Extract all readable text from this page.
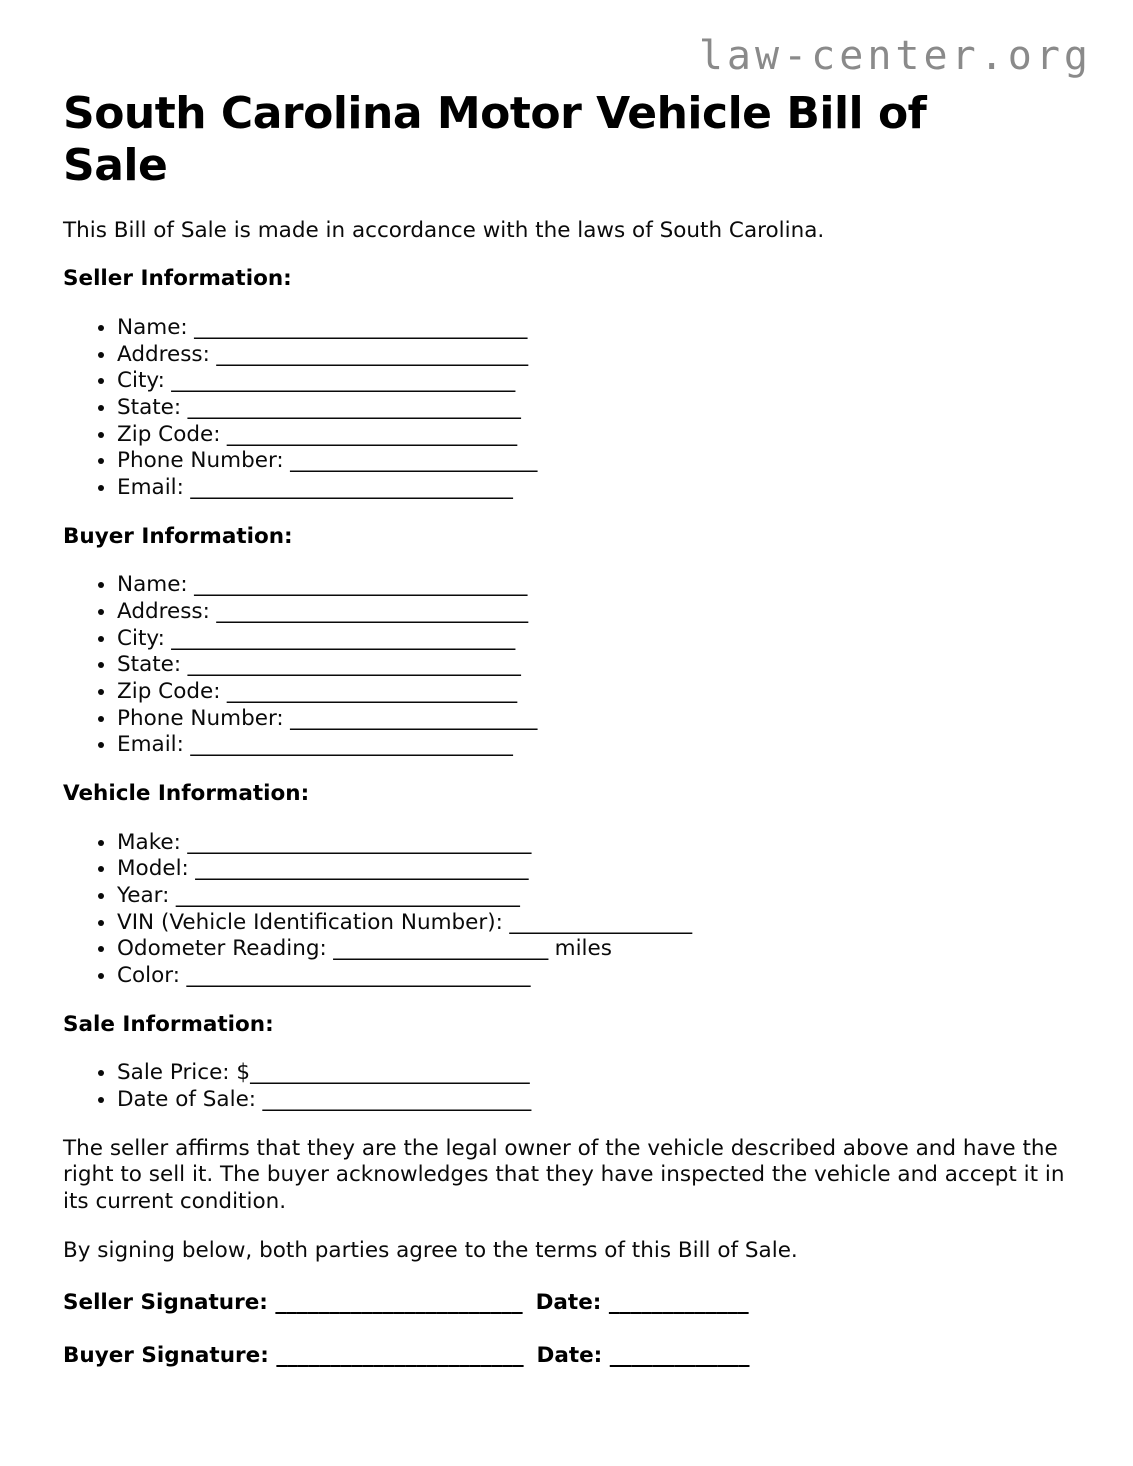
law-center.org
South Carolina Motor Vehicle Bill of Sale

This Bill of Sale is made in accordance with the laws of South Carolina.

Seller Information:

• Name: _______________________________
• Address: _____________________________
• City: ________________________________
• State: _______________________________
• Zip Code: ___________________________
• Phone Number: _______________________
• Email: ______________________________

Buyer Information:

• Name: _______________________________
• Address: _____________________________
• City: ________________________________
• State: _______________________________
• Zip Code: ___________________________
• Phone Number: _______________________
• Email: ______________________________

Vehicle Information:

• Make: ________________________________
• Model: _______________________________
• Year: ________________________________
• VIN (Vehicle Identification Number): _________________
• Odometer Reading: ____________________ miles
• Color: ________________________________

Sale Information:

• Sale Price: $__________________________
• Date of Sale: _________________________

The seller affirms that they are the legal owner of the vehicle described above and have the right to sell it. The buyer acknowledges that they have inspected the vehicle and accept it in its current condition.

By signing below, both parties agree to the terms of this Bill of Sale.

Seller Signature: _______________________ Date: _____________

Buyer Signature: _______________________ Date: _____________
